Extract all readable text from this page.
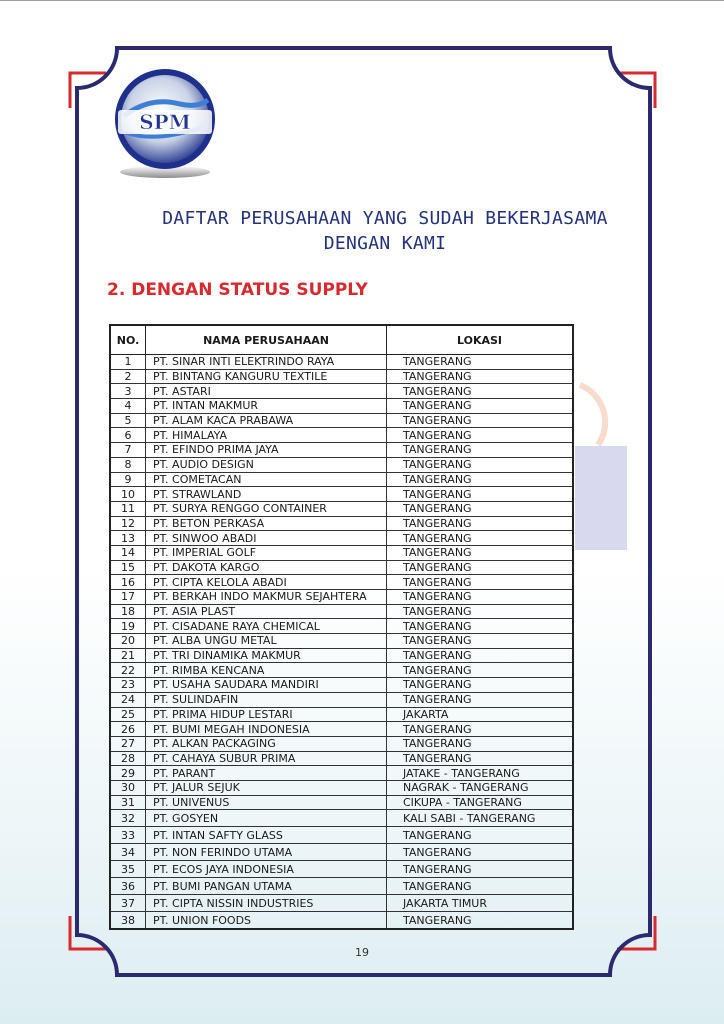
SPM
DAFTAR PERUSAHAAN YANG SUDAH BEKERJASAMA
DENGAN KAMI
2. DENGAN STATUS SUPPLY
NO.	NAMA PERUSAHAAN	LOKASI
1	PT. SINAR INTI ELEKTRINDO RAYA	TANGERANG
2	PT. BINTANG KANGURU TEXTILE	TANGERANG
3	PT. ASTARI	TANGERANG
4	PT. INTAN MAKMUR	TANGERANG
5	PT. ALAM KACA PRABAWA	TANGERANG
6	PT. HIMALAYA	TANGERANG
7	PT. EFINDO PRIMA JAYA	TANGERANG
8	PT. AUDIO DESIGN	TANGERANG
9	PT. COMETACAN	TANGERANG
10	PT. STRAWLAND	TANGERANG
11	PT. SURYA RENGGO CONTAINER	TANGERANG
12	PT. BETON PERKASA	TANGERANG
13	PT. SINWOO ABADI	TANGERANG
14	PT. IMPERIAL GOLF	TANGERANG
15	PT. DAKOTA KARGO	TANGERANG
16	PT. CIPTA KELOLA ABADI	TANGERANG
17	PT. BERKAH INDO MAKMUR SEJAHTERA	TANGERANG
18	PT. ASIA PLAST	TANGERANG
19	PT. CISADANE RAYA CHEMICAL	TANGERANG
20	PT. ALBA UNGU METAL	TANGERANG
21	PT. TRI DINAMIKA MAKMUR	TANGERANG
22	PT. RIMBA KENCANA	TANGERANG
23	PT. USAHA SAUDARA MANDIRI	TANGERANG
24	PT. SULINDAFIN	TANGERANG
25	PT. PRIMA HIDUP LESTARI	JAKARTA
26	PT. BUMI MEGAH INDONESIA	TANGERANG
27	PT. ALKAN PACKAGING	TANGERANG
28	PT. CAHAYA SUBUR PRIMA	TANGERANG
29	PT. PARANT	JATAKE - TANGERANG
30	PT. JALUR SEJUK	NAGRAK - TANGERANG
31	PT. UNIVENUS	CIKUPA - TANGERANG
32	PT. GOSYEN	KALI SABI - TANGERANG
33	PT. INTAN SAFTY GLASS	TANGERANG
34	PT. NON FERINDO UTAMA	TANGERANG
35	PT. ECOS JAYA INDONESIA	TANGERANG
36	PT. BUMI PANGAN UTAMA	TANGERANG
37	PT. CIPTA NISSIN INDUSTRIES	JAKARTA TIMUR
38	PT. UNION FOODS	TANGERANG
19
